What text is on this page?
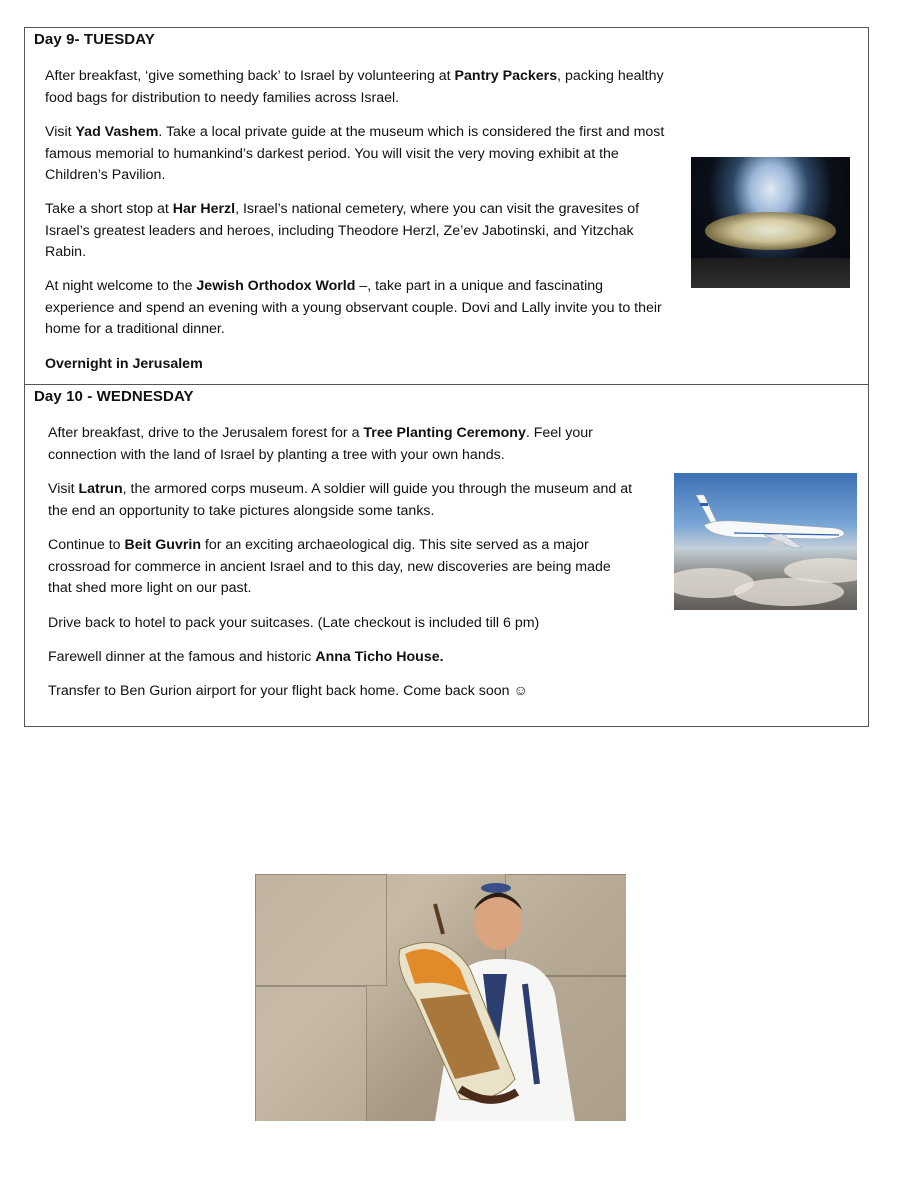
Day 9- TUESDAY
After breakfast, ‘give something back’ to Israel by volunteering at Pantry Packers, packing healthy food bags for distribution to needy families across Israel.
Visit Yad Vashem. Take a local private guide at the museum which is considered the first and most famous memorial to humankind’s darkest period. You will visit the very moving exhibit at the Children’s Pavilion.
Take a short stop at Har Herzl, Israel’s national cemetery, where you can visit the gravesites of Israel’s greatest leaders and heroes, including Theodore Herzl, Ze’ev Jabotinski, and Yitzchak Rabin.
At night welcome to the Jewish Orthodox World –, take part in a unique and fascinating experience and spend an evening with a young observant couple. Dovi and Lally invite you to their home for a traditional dinner.
Overnight in Jerusalem
Day 10 - WEDNESDAY
After breakfast, drive to the Jerusalem forest for a Tree Planting Ceremony. Feel your connection with the land of Israel by planting a tree with your own hands.
Visit Latrun, the armored corps museum. A soldier will guide you through the museum and at the end an opportunity to take pictures alongside some tanks.
Continue to Beit Guvrin for an exciting archaeological dig. This site served as a major crossroad for commerce in ancient Israel and to this day, new discoveries are being made that shed more light on our past.
Drive back to hotel to pack your suitcases. (Late checkout is included till 6 pm)
Farewell dinner at the famous and historic Anna Ticho House.
Transfer to Ben Gurion airport for your flight back home. Come back soon ☺
